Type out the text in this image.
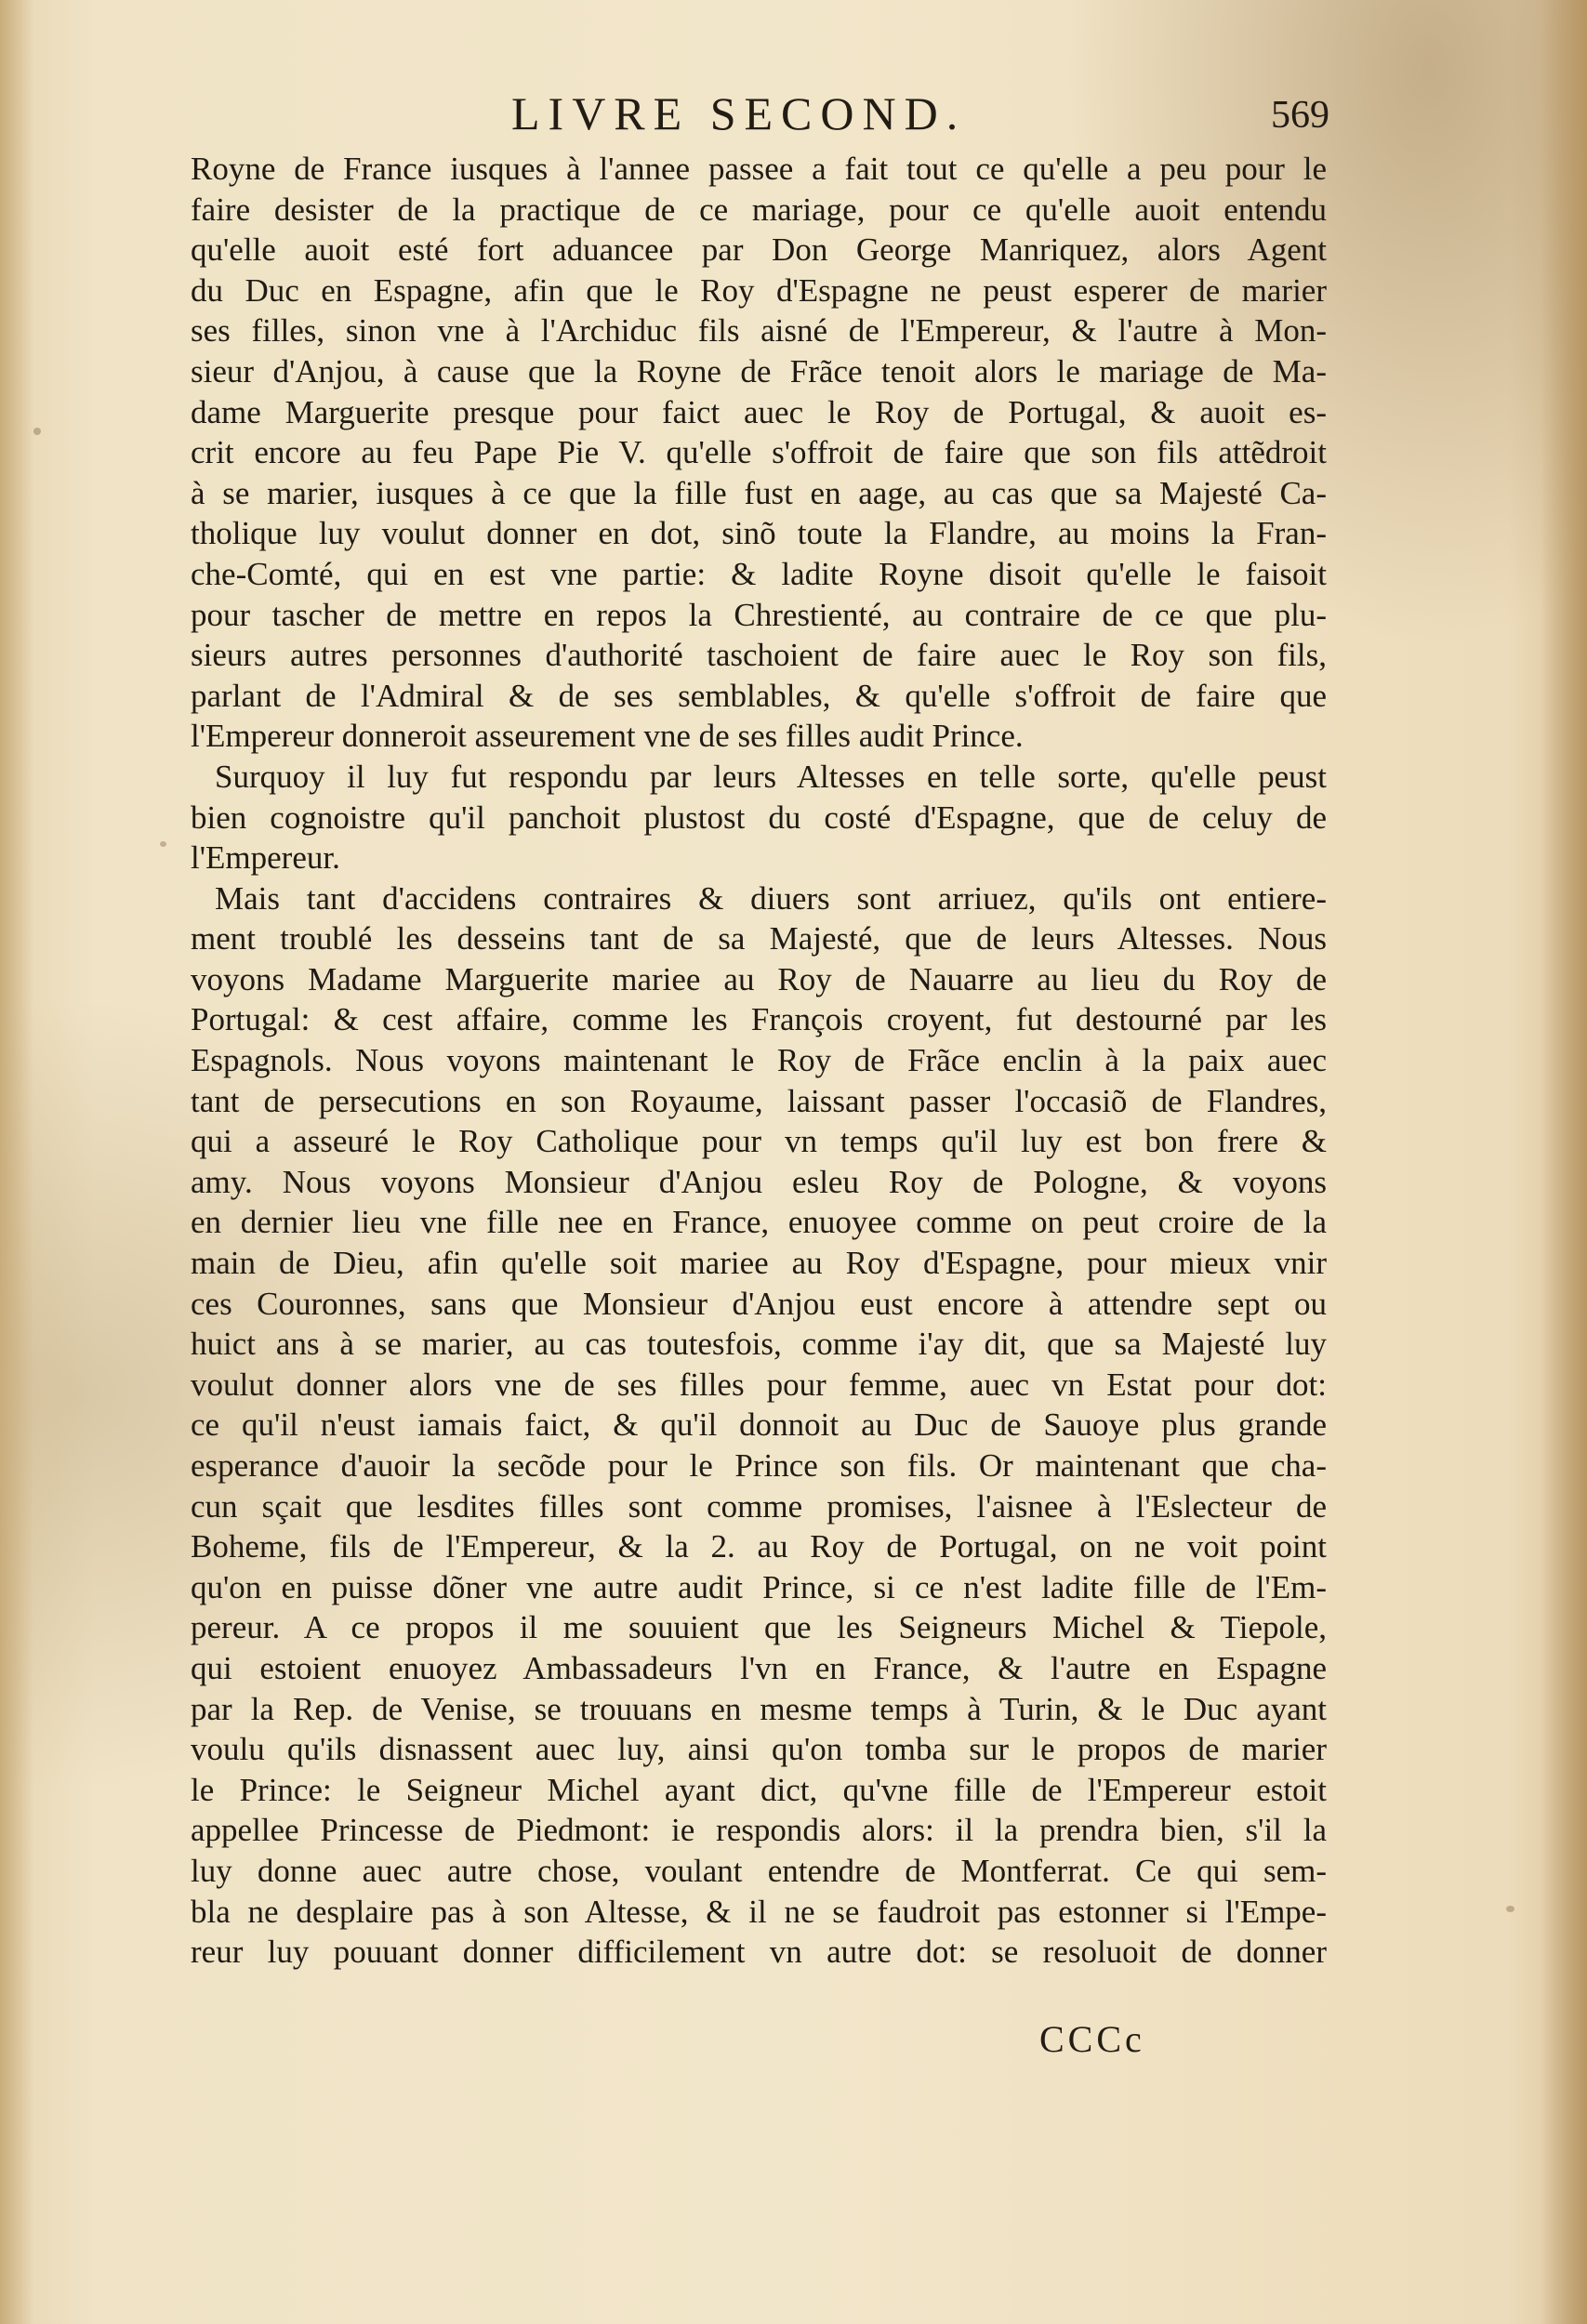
LIVRE SECOND.	569
Royne de France iusques à l'annee passee a fait tout ce qu'elle a peu pour le
faire desister de la practique de ce mariage, pour ce qu'elle auoit entendu
qu'elle auoit esté fort aduancee par Don George Manriquez, alors Agent
du Duc en Espagne, afin que le Roy d'Espagne ne peust esperer de marier
ses filles, sinon vne à l'Archiduc fils aisné de l'Empereur, & l'autre à Mon-
sieur d'Anjou, à cause que la Royne de Frãce tenoit alors le mariage de Ma-
dame Marguerite presque pour faict auec le Roy de Portugal, & auoit es-
crit encore au feu Pape Pie V. qu'elle s'offroit de faire que son fils attẽdroit
à se marier, iusques à ce que la fille fust en aage, au cas que sa Majesté Ca-
tholique luy voulut donner en dot, sinõ toute la Flandre, au moins la Fran-
che-Comté, qui en est vne partie: & ladite Royne disoit qu'elle le faisoit
pour tascher de mettre en repos la Chrestienté, au contraire de ce que plu-
sieurs autres personnes d'authorité taschoient de faire auec le Roy son fils,
parlant de l'Admiral & de ses semblables, & qu'elle s'offroit de faire que
l'Empereur donneroit asseurement vne de ses filles audit Prince.
Surquoy il luy fut respondu par leurs Altesses en telle sorte, qu'elle peust
bien cognoistre qu'il panchoit plustost du costé d'Espagne, que de celuy de
l'Empereur.
Mais tant d'accidens contraires & diuers sont arriuez, qu'ils ont entiere-
ment troublé les desseins tant de sa Majesté, que de leurs Altesses. Nous
voyons Madame Marguerite mariee au Roy de Nauarre au lieu du Roy de
Portugal: & cest affaire, comme les François croyent, fut destourné par les
Espagnols. Nous voyons maintenant le Roy de Frãce enclin à la paix auec
tant de persecutions en son Royaume, laissant passer l'occasiõ de Flandres,
qui a asseuré le Roy Catholique pour vn temps qu'il luy est bon frere &
amy. Nous voyons Monsieur d'Anjou esleu Roy de Pologne, & voyons
en dernier lieu vne fille nee en France, enuoyee comme on peut croire de la
main de Dieu, afin qu'elle soit mariee au Roy d'Espagne, pour mieux vnir
ces Couronnes, sans que Monsieur d'Anjou eust encore à attendre sept ou
huict ans à se marier, au cas toutesfois, comme i'ay dit, que sa Majesté luy
voulut donner alors vne de ses filles pour femme, auec vn Estat pour dot:
ce qu'il n'eust iamais faict, & qu'il donnoit au Duc de Sauoye plus grande
esperance d'auoir la secõde pour le Prince son fils. Or maintenant que cha-
cun sçait que lesdites filles sont comme promises, l'aisnee à l'Eslecteur de
Boheme, fils de l'Empereur, & la 2. au Roy de Portugal, on ne voit point
qu'on en puisse dõner vne autre audit Prince, si ce n'est ladite fille de l'Em-
pereur. A ce propos il me souuient que les Seigneurs Michel & Tiepole,
qui estoient enuoyez Ambassadeurs l'vn en France, & l'autre en Espagne
par la Rep. de Venise, se trouuans en mesme temps à Turin, & le Duc ayant
voulu qu'ils disnassent auec luy, ainsi qu'on tomba sur le propos de marier
le Prince: le Seigneur Michel ayant dict, qu'vne fille de l'Empereur estoit
appellee Princesse de Piedmont: ie respondis alors: il la prendra bien, s'il la
luy donne auec autre chose, voulant entendre de Montferrat. Ce qui sem-
bla ne desplaire pas à son Altesse, & il ne se faudroit pas estonner si l'Empe-
reur luy pouuant donner difficilement vn autre dot: se resoluoit de donner
CCCc
